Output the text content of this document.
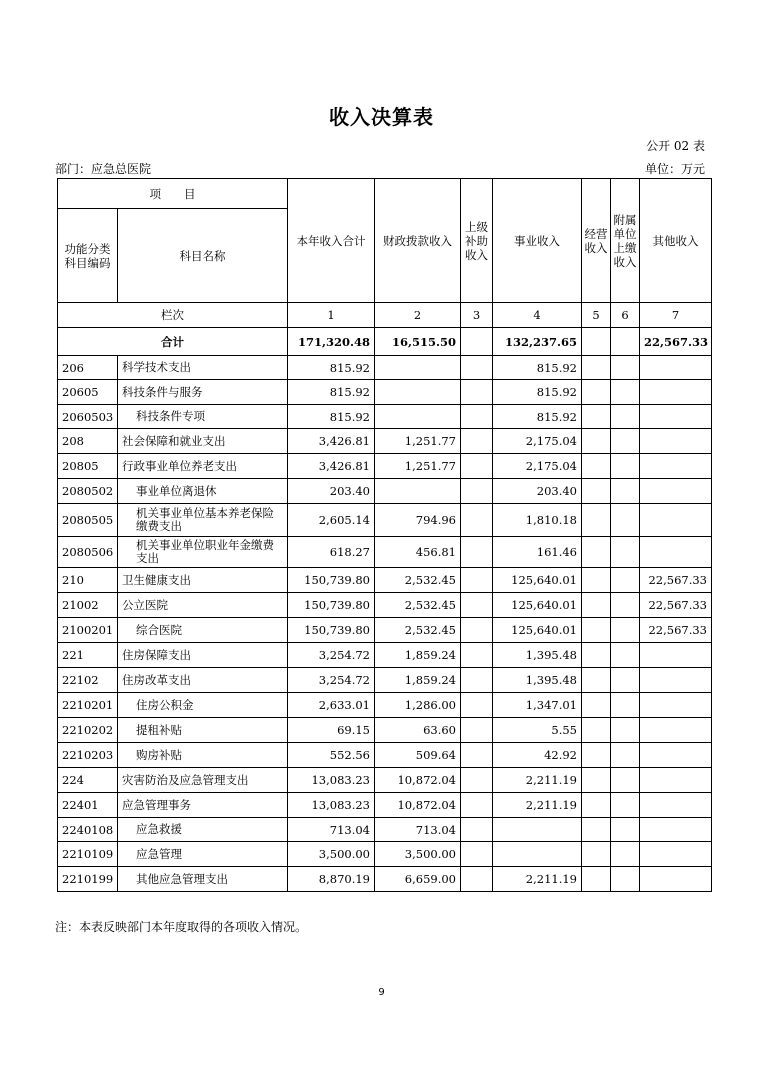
收入决算表
公开 02 表
部门：应急总医院	单位：万元
项　　目		本年收入合计	财政拨款收入	上级补助收入	事业收入	经营收入	附属单位上缴收入	其他收入
功能分类科目编码	科目名称							
栏次		1	2	3	4	5	6	7
合计		171,320.48	16,515.50		132,237.65			22,567.33
206	科学技术支出	815.92			815.92			
20605	科技条件与服务	815.92			815.92			
2060503	科技条件专项	815.92			815.92			
208	社会保障和就业支出	3,426.81	1,251.77		2,175.04			
20805	行政事业单位养老支出	3,426.81	1,251.77		2,175.04			
2080502	事业单位离退休	203.40			203.40			
2080505	机关事业单位基本养老保险缴费支出	2,605.14	794.96		1,810.18			
2080506	机关事业单位职业年金缴费支出	618.27	456.81		161.46			
210	卫生健康支出	150,739.80	2,532.45		125,640.01			22,567.33
21002	公立医院	150,739.80	2,532.45		125,640.01			22,567.33
2100201	综合医院	150,739.80	2,532.45		125,640.01			22,567.33
221	住房保障支出	3,254.72	1,859.24		1,395.48			
22102	住房改革支出	3,254.72	1,859.24		1,395.48			
2210201	住房公积金	2,633.01	1,286.00		1,347.01			
2210202	提租补贴	69.15	63.60		5.55			
2210203	购房补贴	552.56	509.64		42.92			
224	灾害防治及应急管理支出	13,083.23	10,872.04		2,211.19			
22401	应急管理事务	13,083.23	10,872.04		2,211.19			
2240108	应急救援	713.04	713.04					
2210109	应急管理	3,500.00	3,500.00					
2210199	其他应急管理支出	8,870.19	6,659.00		2,211.19			
注：本表反映部门本年度取得的各项收入情况。
9
